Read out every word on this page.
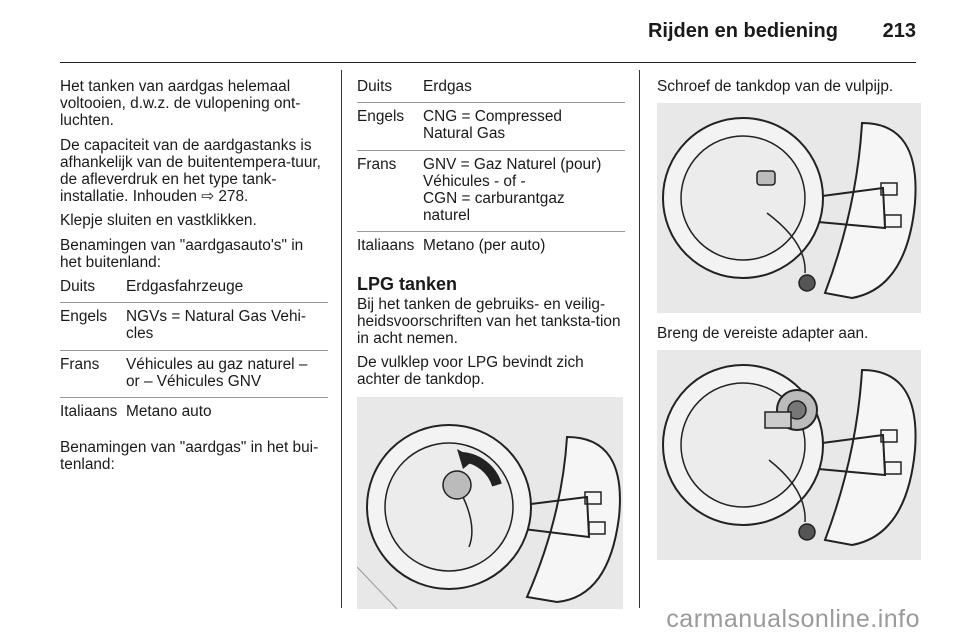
Rijden en bediening 213

Het tanken van aardgas helemaal voltooien, d.w.z. de vulopening ont-luchten.

De capaciteit van de aardgastanks is afhankelijk van de buitentempera-tuur, de afleverdruk en het type tank-installatie. Inhouden ⇨ 278.

Klepje sluiten en vastklikken.

Benamingen van "aardgasauto's" in het buitenland:

Duits	Erdgasfahrzeuge
Engels	NGVs = Natural Gas Vehi-
cles
Frans	Véhicules au gaz naturel –
or – Véhicules GNV
Italiaans	Metano auto

Benamingen van "aardgas" in het bui-tenland:

Duits	Erdgas
Engels	CNG = Compressed
Natural Gas
Frans	GNV = Gaz Naturel (pour)
Véhicules - of -
CGN = carburantgaz
naturel
Italiaans	Metano (per auto)
LPG tanken

Bij het tanken de gebruiks- en veilig-heidsvoorschriften van het tanksta-tion in acht nemen.

De vulklep voor LPG bevindt zich achter de tankdop.

Schroef de tankdop van de vulpijp.

Breng de vereiste adapter aan.

carmanualsonline.info
